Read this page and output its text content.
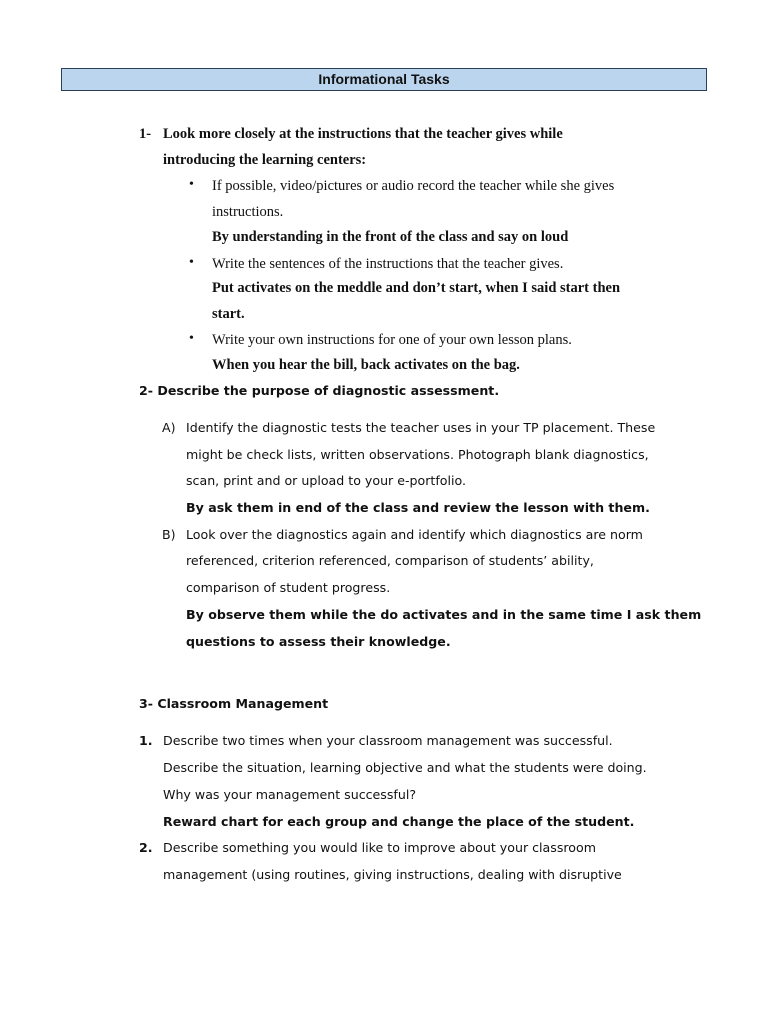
Informational Tasks
1- Look more closely at the instructions that the teacher gives while
introducing the learning centers:
• If possible, video/pictures or audio record the teacher while she gives
instructions.
By understanding in the front of the class and say on loud
• Write the sentences of the instructions that the teacher gives.
Put activates on the meddle and don’t start, when I said start then
start.
• Write your own instructions for one of your own lesson plans.
When you hear the bill, back activates on the bag.
2- Describe the purpose of diagnostic assessment.
A) Identify the diagnostic tests the teacher uses in your TP placement. These
might be check lists, written observations. Photograph blank diagnostics,
scan, print and or upload to your e-portfolio.
By ask them in end of the class and review the lesson with them.
B) Look over the diagnostics again and identify which diagnostics are norm
referenced, criterion referenced, comparison of students’ ability,
comparison of student progress.
By observe them while the do activates and in the same time I ask them
questions to assess their knowledge.
3- Classroom Management
1. Describe two times when your classroom management was successful.
Describe the situation, learning objective and what the students were doing.
Why was your management successful?
Reward chart for each group and change the place of the student.
2. Describe something you would like to improve about your classroom
management (using routines, giving instructions, dealing with disruptive
